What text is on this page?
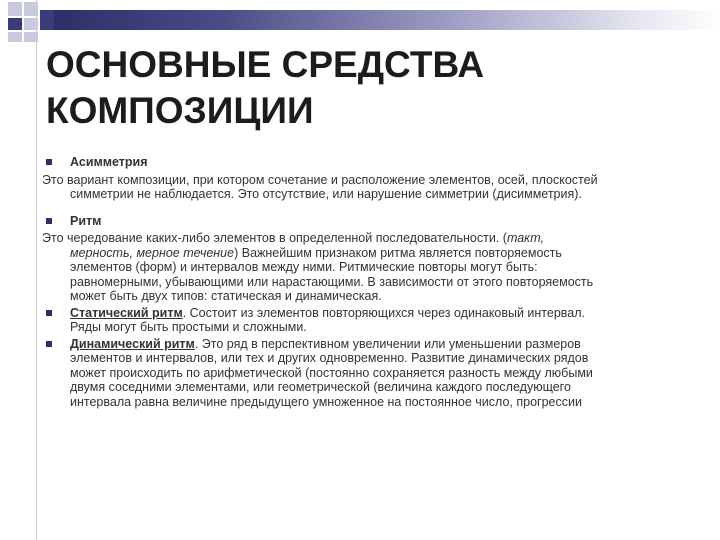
ОСНОВНЫЕ СРЕДСТВА
КОМПОЗИЦИИ
Асимметрия

Это вариант композиции, при котором сочетание и расположение элементов, осей, плоскостей
симметрии не наблюдается. Это отсутствие, или нарушение симметрии (дисимметрия).

Ритм

Это чередование каких-либо элементов в определенной последовательности. (такт,
мерность, мерное течение) Важнейшим признаком ритма является повторяемость
элементов (форм) и интервалов между ними. Ритмические повторы могут быть:
равномерными, убывающими или нарастающими. В зависимости от этого повторяемость
может быть двух типов: статическая и динамическая.

Статический ритм. Состоит из элементов повторяющихся через одинаковый интервал.
Ряды могут быть простыми и сложными.
Динамический ритм. Это ряд в перспективном увеличении или уменьшении размеров
элементов и интервалов, или тех и других одновременно. Развитие динамических рядов
может происходить по арифметической (постоянно сохраняется разность между любыми
двумя соседними элементами, или геометрической (величина каждого последующего
интервала равна величине предыдущего умноженное на постоянное число, прогрессии
